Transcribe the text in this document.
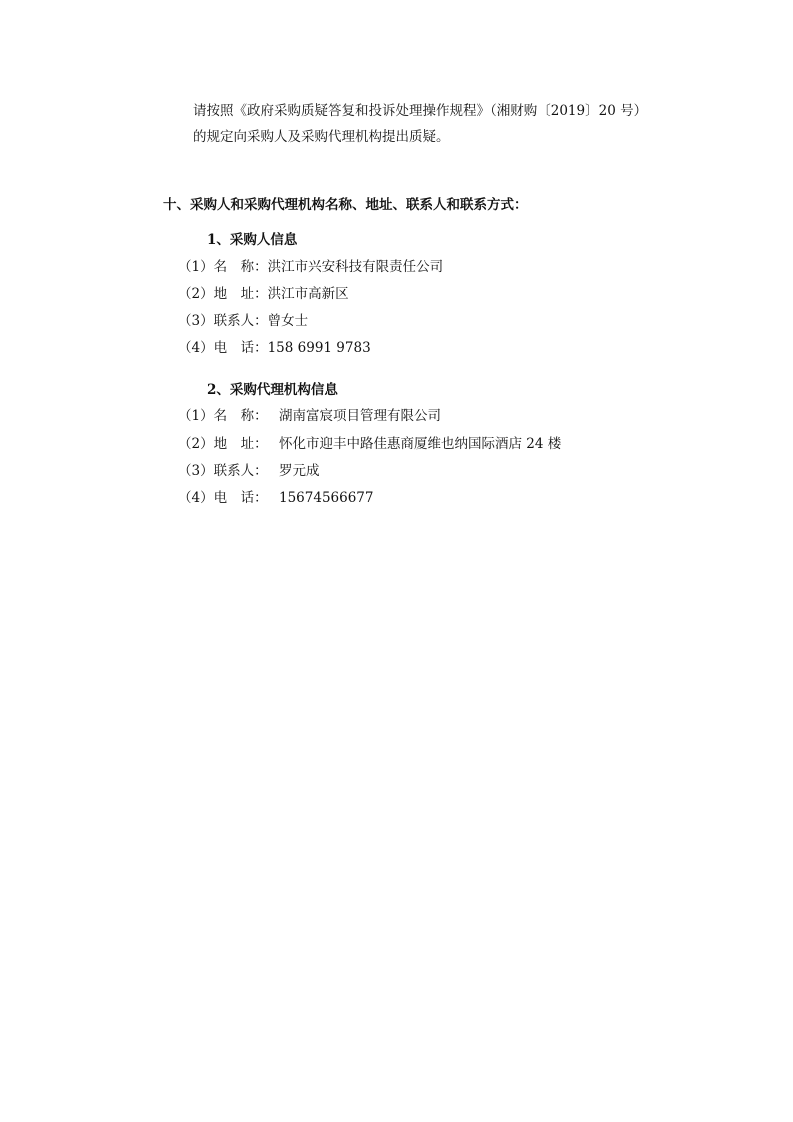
请按照《政府采购质疑答复和投诉处理操作规程》（湘财购〔2019〕20 号）
的规定向采购人及采购代理机构提出质疑。
十、采购人和采购代理机构名称、地址、联系人和联系方式：
1、采购人信息
（1）名　称：洪江市兴安科技有限责任公司
（2）地　址：洪江市高新区
（3）联系人：曾女士
（4）电　话：158 6991 9783
2、采购代理机构信息
（1）名　称： 湖南富宸项目管理有限公司
（2）地　址： 怀化市迎丰中路佳惠商厦维也纳国际酒店 24 楼
（3）联系人： 罗元成
（4）电　话： 15674566677
